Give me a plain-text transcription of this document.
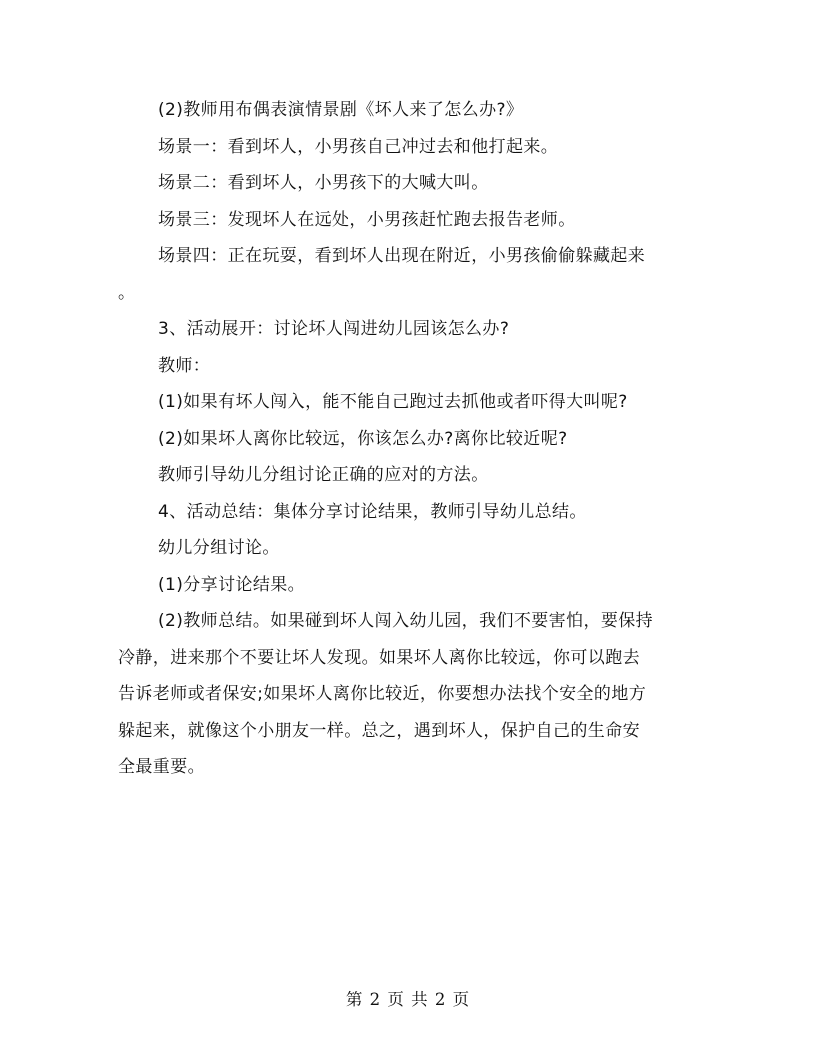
(2)教师用布偶表演情景剧《坏人来了怎么办?》
场景一：看到坏人，小男孩自己冲过去和他打起来。
场景二：看到坏人，小男孩下的大喊大叫。
场景三：发现坏人在远处，小男孩赶忙跑去报告老师。
场景四：正在玩耍，看到坏人出现在附近，小男孩偷偷躲藏起来
。
3、活动展开：讨论坏人闯进幼儿园该怎么办?
教师：
(1)如果有坏人闯入，能不能自己跑过去抓他或者吓得大叫呢?
(2)如果坏人离你比较远，你该怎么办?离你比较近呢?
教师引导幼儿分组讨论正确的应对的方法。
4、活动总结：集体分享讨论结果，教师引导幼儿总结。
幼儿分组讨论。
(1)分享讨论结果。
(2)教师总结。如果碰到坏人闯入幼儿园，我们不要害怕，要保持
冷静，进来那个不要让坏人发现。如果坏人离你比较远，你可以跑去
告诉老师或者保安;如果坏人离你比较近，你要想办法找个安全的地方
躲起来，就像这个小朋友一样。总之，遇到坏人，保护自己的生命安
全最重要。
第 2 页 共 2 页
